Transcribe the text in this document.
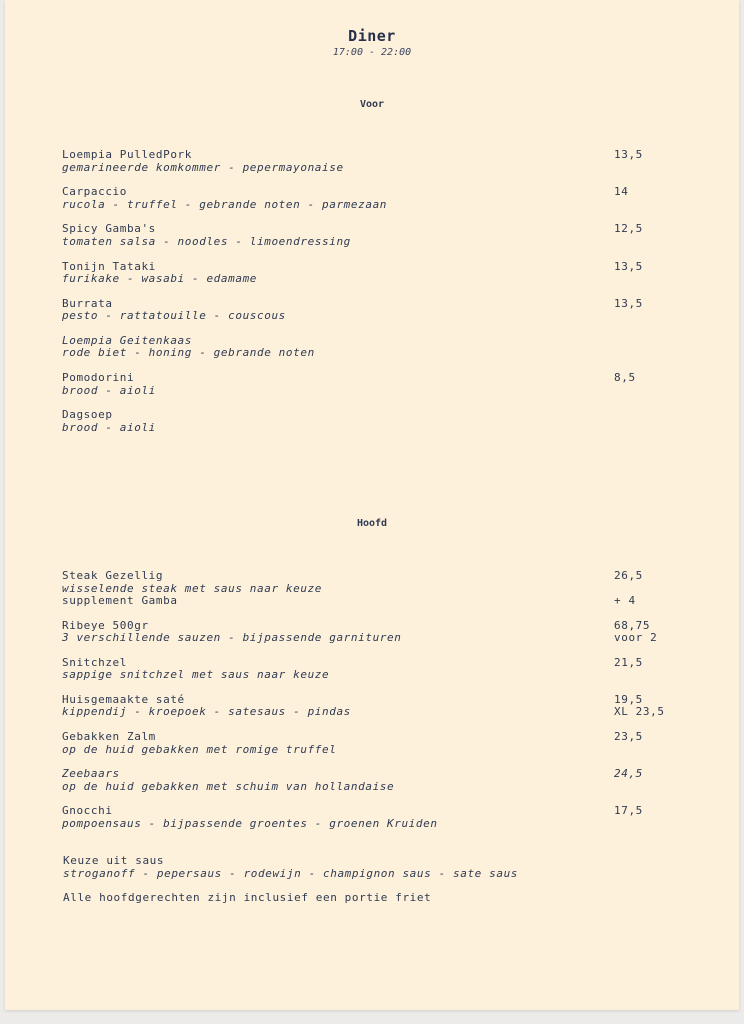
Diner
17:00 - 22:00
Voor
Loempia PulledPork	13,5
gemarineerde komkommer - pepermayonaise
Carpaccio	14
rucola - truffel - gebrande noten - parmezaan
Spicy Gamba's	12,5
tomaten salsa - noodles - limoendressing
Tonijn Tataki	13,5
furikake - wasabi - edamame
Burrata	13,5
pesto - rattatouille - couscous
Loempia Geitenkaas
rode biet - honing - gebrande noten
Pomodorini	8,5
brood - aioli
Dagsoep
brood - aioli
Hoofd
Steak Gezellig	26,5
wisselende steak met saus naar keuze
supplement Gamba	+ 4
Ribeye 500gr	68,75
3 verschillende sauzen - bijpassende garnituren	voor 2
Snitchzel	21,5
sappige snitchzel met saus naar keuze
Huisgemaakte saté	19,5
kippendij - kroepoek - satesaus - pindas	XL 23,5
Gebakken Zalm	23,5
op de huid gebakken met romige truffel
Zeebaars	24,5
op de huid gebakken met schuim van hollandaise
Gnocchi	17,5
pompoensaus - bijpassende groentes - groenen Kruiden
Keuze uit saus
stroganoff - pepersaus - rodewijn - champignon saus - sate saus
Alle hoofdgerechten zijn inclusief een portie friet
